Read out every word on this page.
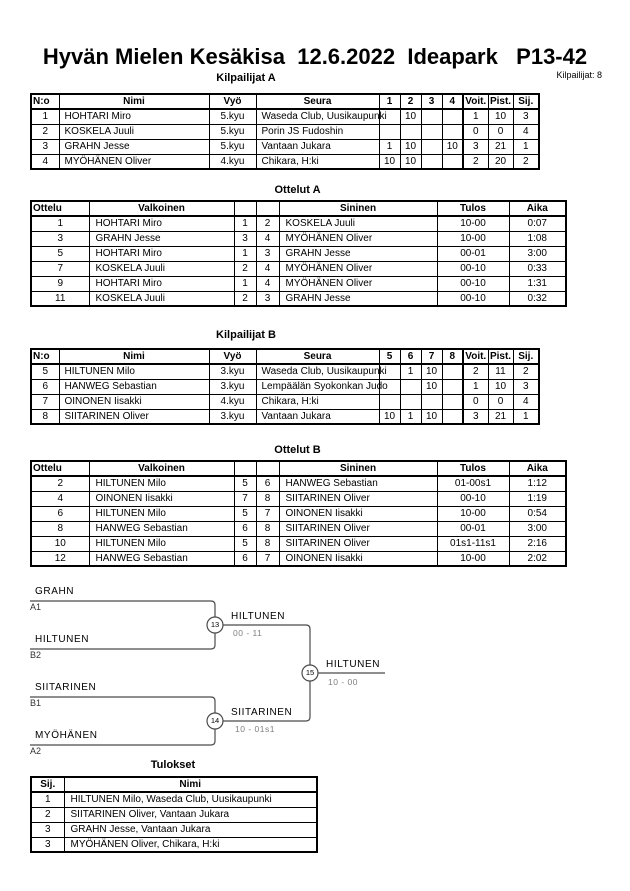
Hyvän Mielen Kesäkisa  12.6.2022  Ideapark   P13-42
Kilpailijat: 8
Kilpailijat A
N:o	Nimi	Vyö	Seura	1	2	3	4	Voit.	Pist.	Sij.
1	HOHTARI Miro	5.kyu	Waseda Club, Uusikaupunki		10			1	10	3
2	KOSKELA Juuli	5.kyu	Porin JS Fudoshin					0	0	4
3	GRAHN Jesse	5.kyu	Vantaan Jukara	1	10		10	3	21	1
4	MYÖHÄNEN Oliver	4.kyu	Chikara, H:ki	10	10			2	20	2
Ottelut A
Ottelu	Valkoinen			Sininen	Tulos	Aika
1	HOHTARI Miro	1	2	KOSKELA Juuli	10-00	0:07
3	GRAHN Jesse	3	4	MYÖHÄNEN Oliver	10-00	1:08
5	HOHTARI Miro	1	3	GRAHN Jesse	00-01	3:00
7	KOSKELA Juuli	2	4	MYÖHÄNEN Oliver	00-10	0:33
9	HOHTARI Miro	1	4	MYÖHÄNEN Oliver	00-10	1:31
11	KOSKELA Juuli	2	3	GRAHN Jesse	00-10	0:32
Kilpailijat B
N:o	Nimi	Vyö	Seura	5	6	7	8	Voit.	Pist.	Sij.
5	HILTUNEN Milo	3.kyu	Waseda Club, Uusikaupunki		1	10		2	11	2
6	HANWEG Sebastian	3.kyu	Lempäälän Syokonkan Judo			10		1	10	3
7	OINONEN Iisakki	4.kyu	Chikara, H:ki					0	0	4
8	SIITARINEN Oliver	3.kyu	Vantaan Jukara	10	1	10		3	21	1
Ottelut B
Ottelu	Valkoinen			Sininen	Tulos	Aika
2	HILTUNEN Milo	5	6	HANWEG Sebastian	01-00s1	1:12
4	OINONEN Iisakki	7	8	SIITARINEN Oliver	00-10	1:19
6	HILTUNEN Milo	5	7	OINONEN Iisakki	10-00	0:54
8	HANWEG Sebastian	6	8	SIITARINEN Oliver	00-01	3:00
10	HILTUNEN Milo	5	8	SIITARINEN Oliver	01s1-11s1	2:16
12	HANWEG Sebastian	6	7	OINONEN Iisakki	10-00	2:02
GRAHN
A1
HILTUNEN
B2
13
HILTUNEN
00 - 11
SIITARINEN
B1
MYÖHÄNEN
A2
14
SIITARINEN
10 - 01s1
15
HILTUNEN
10 - 00
Tulokset
Sij.	Nimi
1	HILTUNEN Milo, Waseda Club, Uusikaupunki
2	SIITARINEN Oliver, Vantaan Jukara
3	GRAHN Jesse, Vantaan Jukara
3	MYÖHÄNEN Oliver, Chikara, H:ki
